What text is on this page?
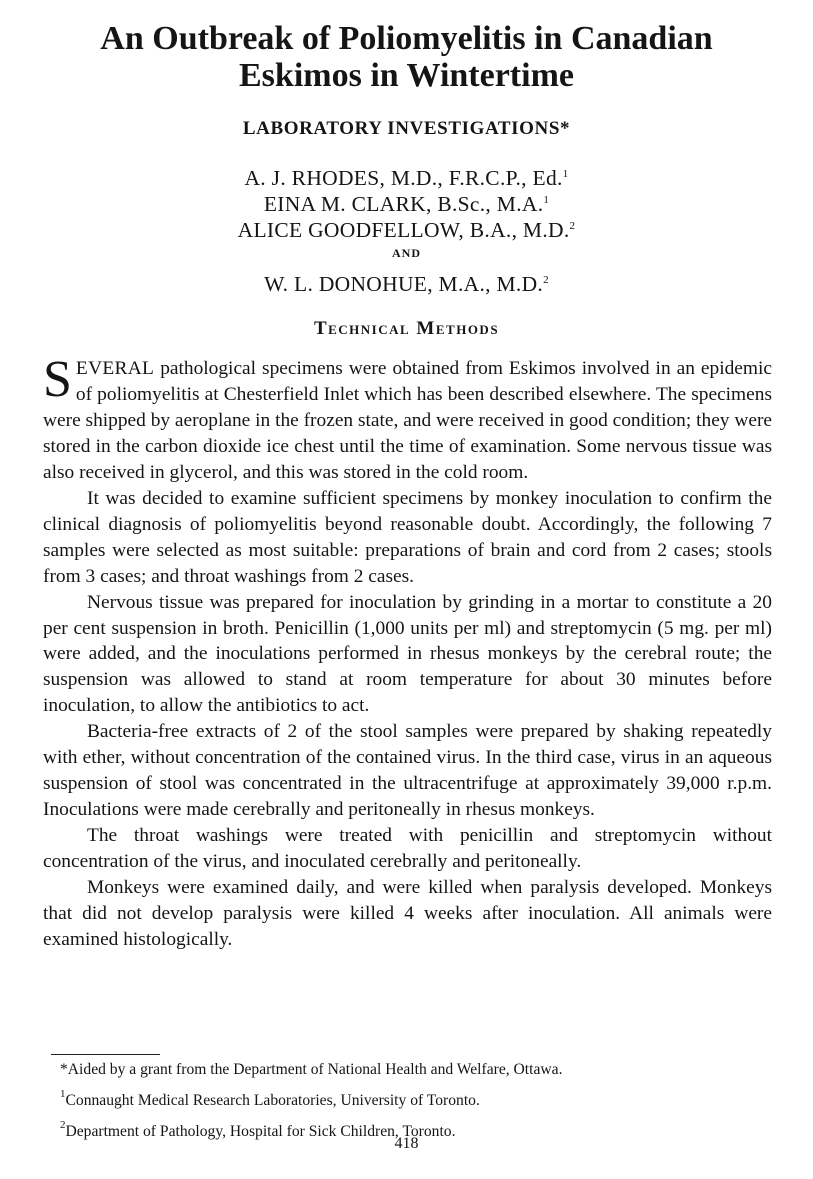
An Outbreak of Poliomyelitis in Canadian
Eskimos in Wintertime
LABORATORY INVESTIGATIONS*
A. J. RHODES, M.D., F.R.C.P., Ed.$^1$
EINA M. CLARK, B.Sc., M.A.$^1$
ALICE GOODFELLOW, B.A., M.D.$^2$
AND
W. L. DONOHUE, M.A., M.D.$^2$
Technical Methods

SEVERAL pathological specimens were obtained from Eskimos involved in an epidemic of poliomyelitis at Chesterfield Inlet which has been described elsewhere. The specimens were shipped by aeroplane in the frozen state, and were received in good condition; they were stored in the carbon dioxide ice chest until the time of examination. Some nervous tissue was also received in glycerol, and this was stored in the cold room.

It was decided to examine sufficient specimens by monkey inoculation to confirm the clinical diagnosis of poliomyelitis beyond reasonable doubt. Accordingly, the following 7 samples were selected as most suitable: preparations of brain and cord from 2 cases; stools from 3 cases; and throat washings from 2 cases.

Nervous tissue was prepared for inoculation by grinding in a mortar to constitute a 20 per cent suspension in broth. Penicillin (1,000 units per ml) and streptomycin (5 mg. per ml) were added, and the inoculations performed in rhesus monkeys by the cerebral route; the suspension was allowed to stand at room temperature for about 30 minutes before inoculation, to allow the antibiotics to act.

Bacteria-free extracts of 2 of the stool samples were prepared by shaking repeatedly with ether, without concentration of the contained virus. In the third case, virus in an aqueous suspension of stool was concentrated in the ultracentrifuge at approximately 39,000 r.p.m. Inoculations were made cerebrally and peritoneally in rhesus monkeys.

The throat washings were treated with penicillin and streptomycin without concentration of the virus, and inoculated cerebrally and peritoneally.

Monkeys were examined daily, and were killed when paralysis developed. Monkeys that did not develop paralysis were killed 4 weeks after inoculation. All animals were examined histologically.

*Aided by a grant from the Department of National Health and Welfare, Ottawa.
$^1$Connaught Medical Research Laboratories, University of Toronto.
$^2$Department of Pathology, Hospital for Sick Children, Toronto.
418
